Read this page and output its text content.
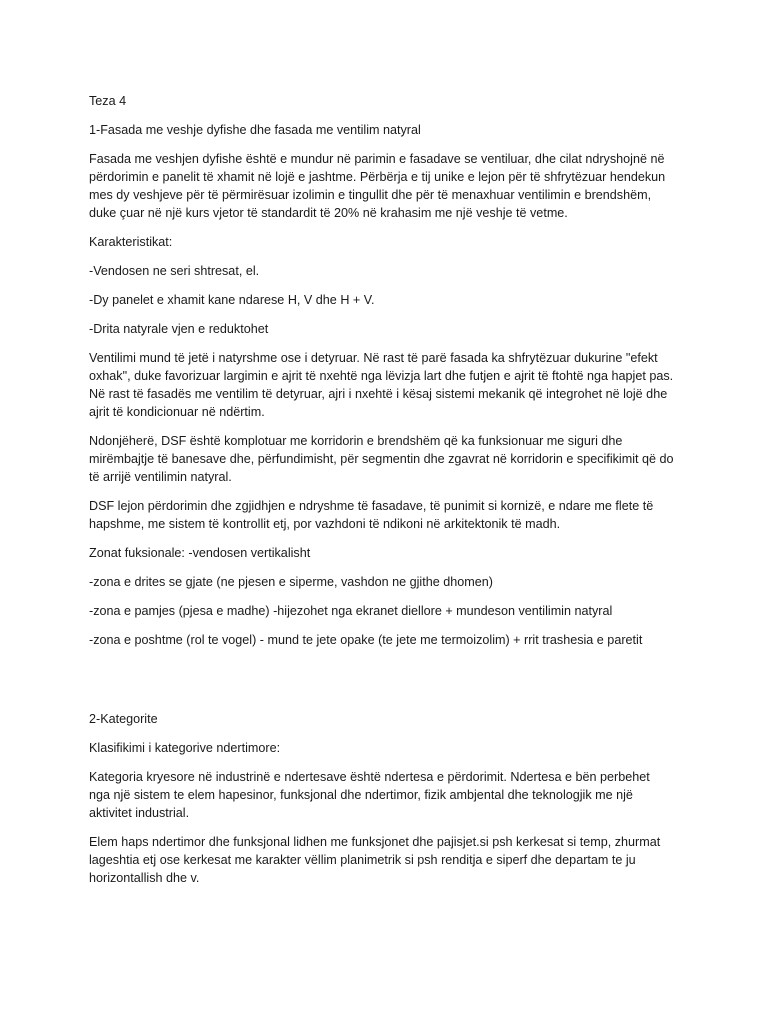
Teza 4

1-Fasada me veshje dyfishe dhe fasada me ventilim natyral

Fasada me veshjen dyfishe është e mundur në parimin e fasadave se ventiluar, dhe cilat ndryshojnë në përdorimin e panelit të xhamit në lojë e jashtme. Përbërja e tij unike e lejon për të shfrytëzuar hendekun mes dy veshjeve për të përmirësuar izolimin e tingullit dhe për të menaxhuar ventilimin e brendshëm, duke çuar në një kurs vjetor të standardit të 20% në krahasim me një veshje të vetme.

Karakteristikat:

-Vendosen ne seri shtresat, el.

-Dy panelet e xhamit kane ndarese H, V dhe H + V.

-Drita natyrale vjen e reduktohet

Ventilimi mund të jetë i natyrshme ose i detyruar. Në rast të parë fasada ka shfrytëzuar dukurine "efekt oxhak", duke favorizuar largimin e ajrit të nxehtë nga lëvizja lart dhe futjen e ajrit të ftohtë nga hapjet pas. Në rast të fasadës me ventilim të detyruar, ajri i nxehtë i kësaj sistemi mekanik që integrohet në lojë dhe ajrit të kondicionuar në ndërtim.

Ndonjëherë, DSF është komplotuar me korridorin e brendshëm që ka funksionuar me siguri dhe mirëmbajtje të banesave dhe, përfundimisht, për segmentin dhe zgavrat në korridorin e specifikimit që do të arrijë ventilimin natyral.

DSF lejon përdorimin dhe zgjidhjen e ndryshme të fasadave, të punimit si kornizë, e ndare me flete të hapshme, me sistem të kontrollit etj, por vazhdoni të ndikoni në arkitektonik të madh.

Zonat fuksionale: -vendosen vertikalisht

-zona e drites se gjate (ne pjesen e siperme, vashdon ne gjithe dhomen)

-zona e pamjes (pjesa e madhe) -hijezohet nga ekranet diellore + mundeson ventilimin natyral

-zona e poshtme (rol te vogel) - mund te jete opake (te jete me termoizolim) + rrit trashesia e paretit

2-Kategorite

Klasifikimi i kategorive ndertimore:

Kategoria kryesore në industrinë e ndertesave është ndertesa e përdorimit. Ndertesa e bën perbehet nga një sistem te elem hapesinor, funksjonal dhe ndertimor, fizik ambjental dhe teknologjik me një aktivitet industrial.

Elem haps ndertimor dhe funksjonal lidhen me funksjonet dhe pajisjet.si psh kerkesat si temp, zhurmat lageshtia etj ose kerkesat me karakter vëllim planimetrik si psh renditja e siperf dhe departam te ju horizontallish dhe v.
